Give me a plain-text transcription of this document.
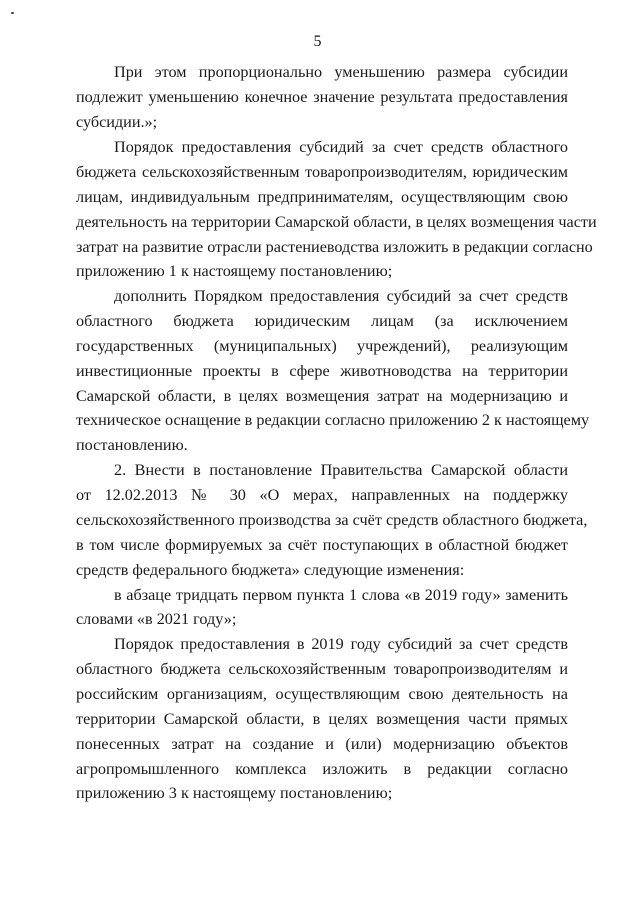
5

При этом пропорционально уменьшению размера субсидии

подлежит уменьшению конечное значение результата предоставления

субсидии.»;

Порядок предоставления субсидий за счет средств областного

бюджета сельскохозяйственным товаропроизводителям, юридическим

лицам, индивидуальным предпринимателям, осуществляющим свою

деятельность на территории Самарской области, в целях возмещения части

затрат на развитие отрасли растениеводства изложить в редакции согласно

приложению 1 к настоящему постановлению;

дополнить Порядком предоставления субсидий за счет средств

областного бюджета юридическим лицам (за исключением

государственных (муниципальных) учреждений), реализующим

инвестиционные проекты в сфере животноводства на территории

Самарской области, в целях возмещения затрат на модернизацию и

техническое оснащение в редакции согласно приложению 2 к настоящему

постановлению.

2. Внести в постановление Правительства Самарской области

от 12.02.2013 № 30 «О мерах, направленных на поддержку

сельскохозяйственного производства за счёт средств областного бюджета,

в том числе формируемых за счёт поступающих в областной бюджет

средств федерального бюджета» следующие изменения:

в абзаце тридцать первом пункта 1 слова «в 2019 году» заменить

словами «в 2021 году»;

Порядок предоставления в 2019 году субсидий за счет средств

областного бюджета сельскохозяйственным товаропроизводителям и

российским организациям, осуществляющим свою деятельность на

территории Самарской области, в целях возмещения части прямых

понесенных затрат на создание и (или) модернизацию объектов

агропромышленного комплекса изложить в редакции согласно

приложению 3 к настоящему постановлению;
